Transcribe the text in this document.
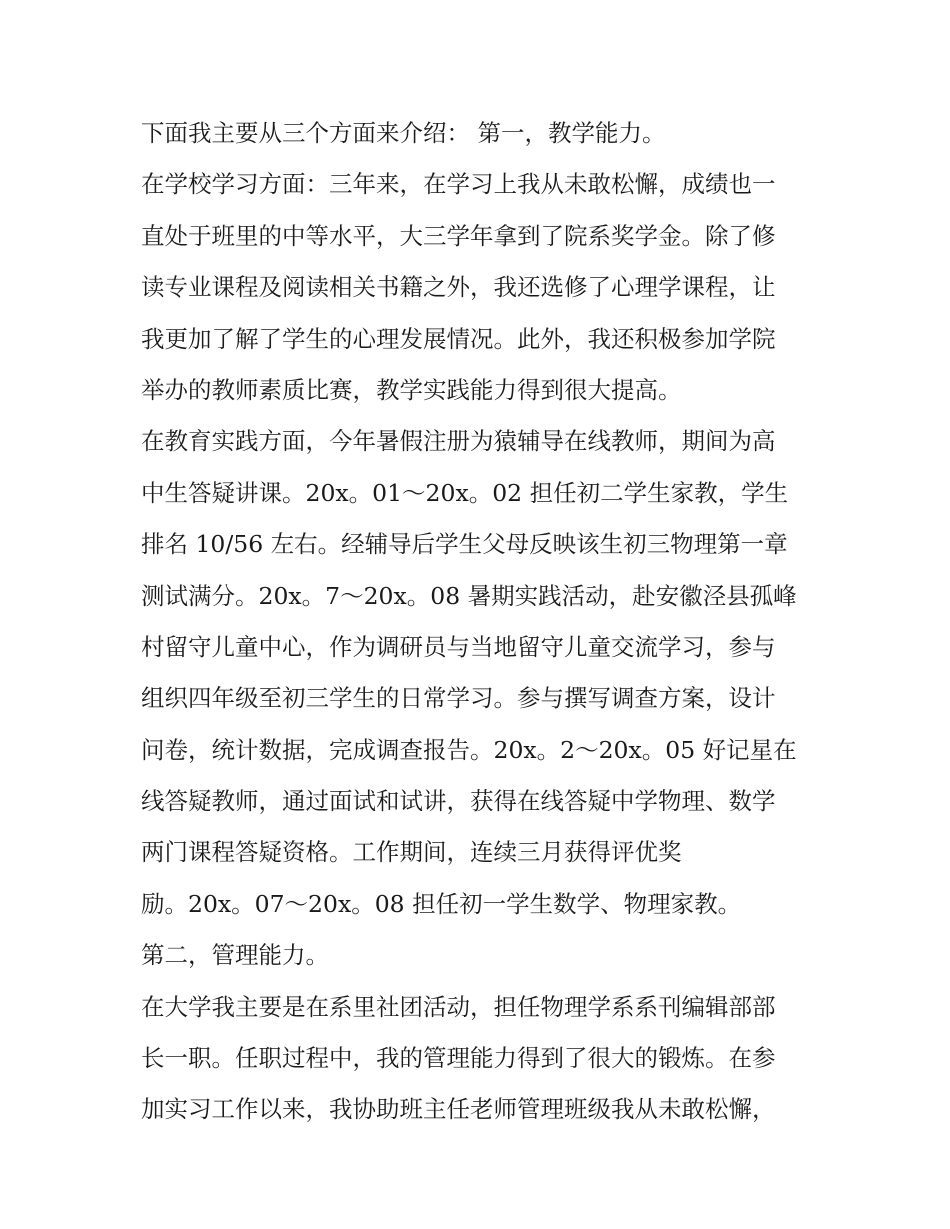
下面我主要从三个方面来介绍： 第一，教学能力。
在学校学习方面：三年来，在学习上我从未敢松懈，成绩也一
直处于班里的中等水平，大三学年拿到了院系奖学金。除了修
读专业课程及阅读相关书籍之外，我还选修了心理学课程，让
我更加了解了学生的心理发展情况。此外，我还积极参加学院
举办的教师素质比赛，教学实践能力得到很大提高。
在教育实践方面，今年暑假注册为猿辅导在线教师，期间为高
中生答疑讲课。20x。01～20x。02 担任初二学生家教，学生
排名 10/56 左右。经辅导后学生父母反映该生初三物理第一章
测试满分。20x。7～20x。08 暑期实践活动，赴安徽泾县孤峰
村留守儿童中心，作为调研员与当地留守儿童交流学习，参与
组织四年级至初三学生的日常学习。参与撰写调查方案，设计
问卷，统计数据，完成调查报告。20x。2～20x。05 好记星在
线答疑教师，通过面试和试讲，获得在线答疑中学物理、数学
两门课程答疑资格。工作期间，连续三月获得评优奖
励。20x。07～20x。08 担任初一学生数学、物理家教。
第二，管理能力。
在大学我主要是在系里社团活动，担任物理学系系刊编辑部部
长一职。任职过程中，我的管理能力得到了很大的锻炼。在参
加实习工作以来，我协助班主任老师管理班级我从未敢松懈，
